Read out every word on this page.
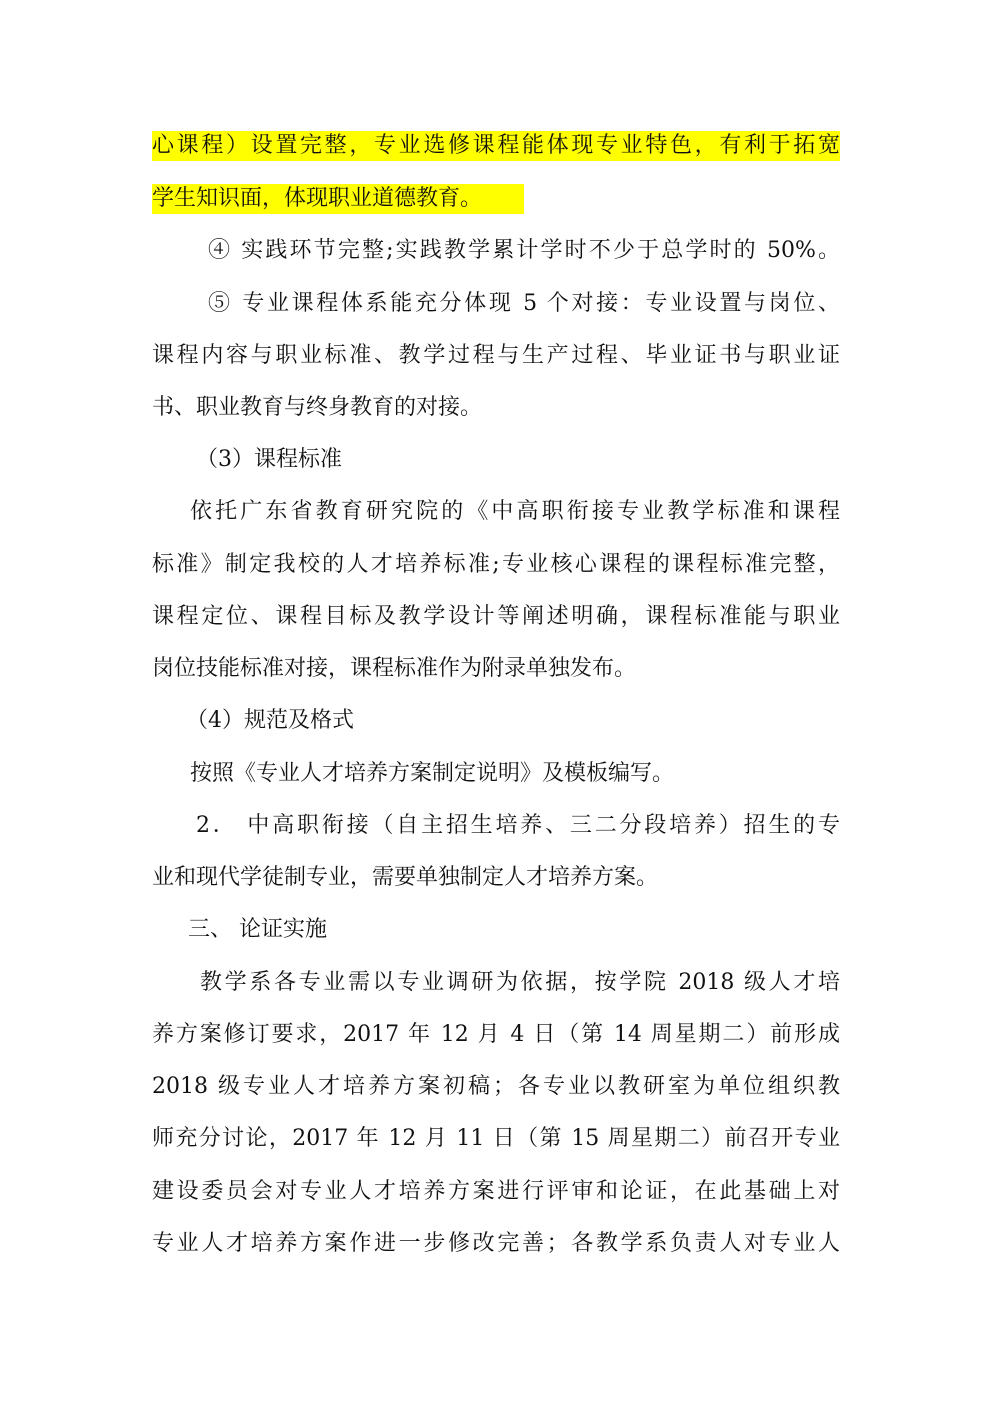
心课程）设置完整，专业选修课程能体现专业特色，有利于拓宽
学生知识面，体现职业道德教育。
④ 实践环节完整;实践教学累计学时不少于总学时的 50%。
⑤ 专业课程体系能充分体现 5 个对接：专业设置与岗位、
课程内容与职业标准、教学过程与生产过程、毕业证书与职业证
书、职业教育与终身教育的对接。
（3）课程标准
依托广东省教育研究院的《中高职衔接专业教学标准和课程
标准》制定我校的人才培养标准;专业核心课程的课程标准完整，
课程定位、课程目标及教学设计等阐述明确，课程标准能与职业
岗位技能标准对接，课程标准作为附录单独发布。
（4）规范及格式
按照《专业人才培养方案制定说明》及模板编写。
2． 中高职衔接（自主招生培养、三二分段培养）招生的专
业和现代学徒制专业，需要单独制定人才培养方案。
三、 论证实施
教学系各专业需以专业调研为依据，按学院 2018 级人才培
养方案修订要求，2017 年 12 月 4 日（第 14 周星期二）前形成
2018 级专业人才培养方案初稿；各专业以教研室为单位组织教
师充分讨论，2017 年 12 月 11 日（第 15 周星期二）前召开专业
建设委员会对专业人才培养方案进行评审和论证，在此基础上对
专业人才培养方案作进一步修改完善；各教学系负责人对专业人
